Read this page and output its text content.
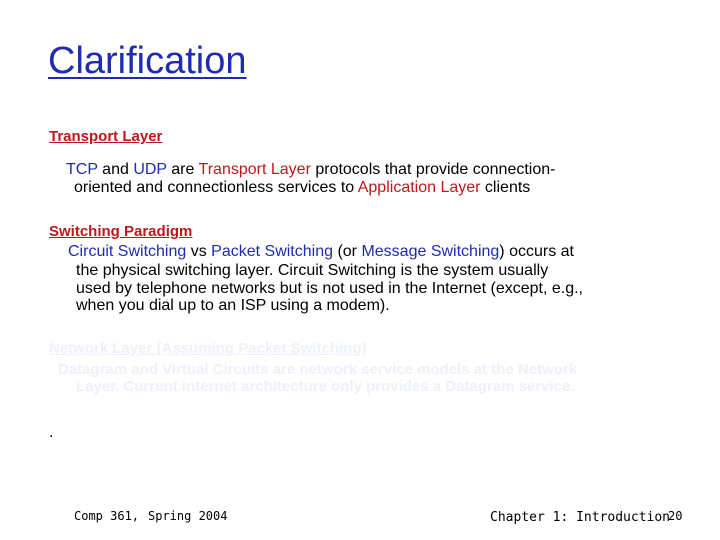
Clarification
Transport Layer
TCP and UDP are Transport Layer protocols that provide connection-
oriented and connectionless services to Application Layer clients
Switching Paradigm
Circuit Switching vs Packet Switching (or Message Switching) occurs at
the physical switching layer. Circuit Switching is the system usually
used by telephone networks but is not used in the Internet (except, e.g.,
when you dial up to an ISP using a modem).
Network Layer (Assuming Packet Switching)
Datagram and Virtual Circuits are network service models at the Network
Layer. Current Internet architecture only provides a Datagram service.
.
Comp 361, Spring 2004	Chapter 1: Introduction
20
